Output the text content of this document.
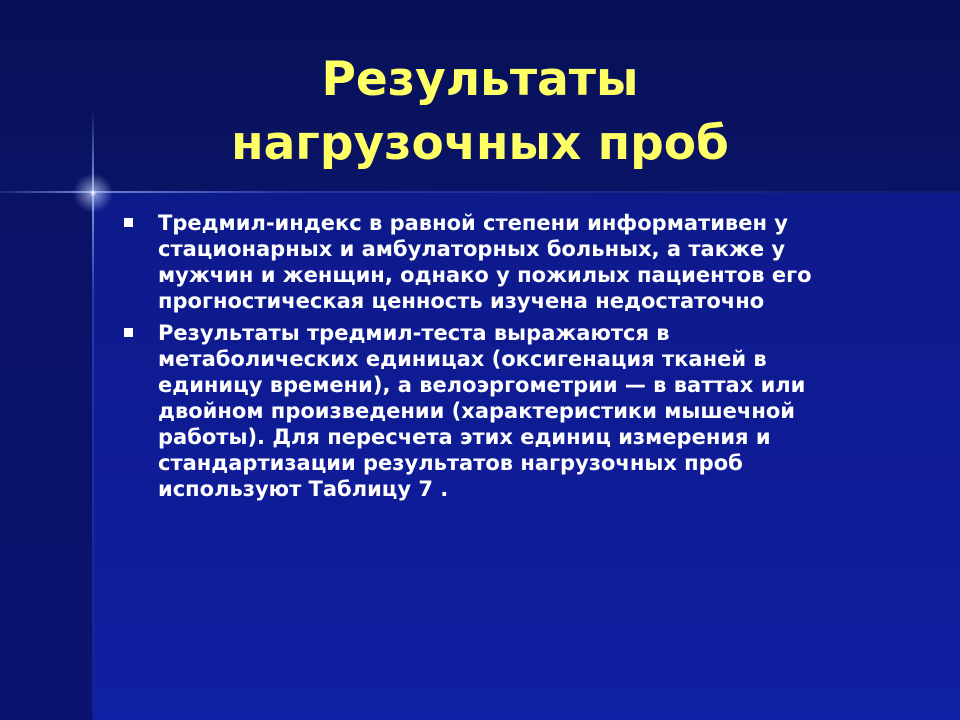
Результаты
нагрузочных проб
Тредмил-индекс в равной степени информативен у
стационарных и амбулаторных больных, а также у
мужчин и женщин, однако у пожилых пациентов его
прогностическая ценность изучена недостаточно
Результаты тредмил-теста выражаются в
метаболических единицах (оксигенация тканей в
единицу времени), а велоэргометрии — в ваттах или
двойном произведении (характеристики мышечной
работы). Для пересчета этих единиц измерения и
стандартизации результатов нагрузочных проб
используют Таблицу 7 .
